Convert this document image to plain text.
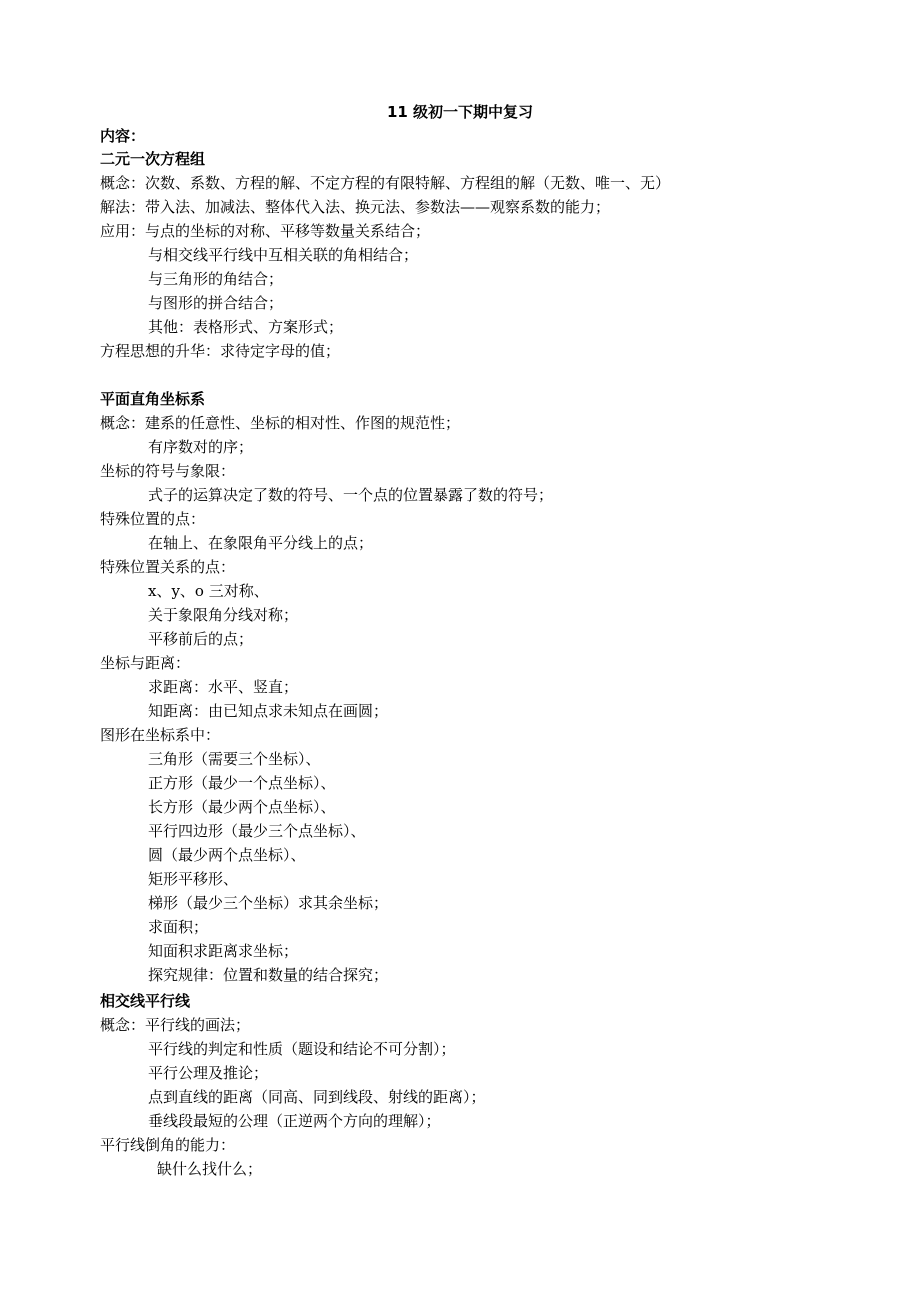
11 级初一下期中复习
内容：
二元一次方程组
概念：次数、系数、方程的解、不定方程的有限特解、方程组的解（无数、唯一、无）
解法：带入法、加减法、整体代入法、换元法、参数法——观察系数的能力；
应用：与点的坐标的对称、平移等数量关系结合；
与相交线平行线中互相关联的角相结合；
与三角形的角结合；
与图形的拼合结合；
其他：表格形式、方案形式；
方程思想的升华：求待定字母的值；
平面直角坐标系
概念：建系的任意性、坐标的相对性、作图的规范性；
有序数对的序；
坐标的符号与象限：
式子的运算决定了数的符号、一个点的位置暴露了数的符号；
特殊位置的点：
在轴上、在象限角平分线上的点；
特殊位置关系的点：
x、y、o 三对称、
关于象限角分线对称；
平移前后的点；
坐标与距离：
求距离：水平、竖直；
知距离：由已知点求未知点在画圆；
图形在坐标系中：
三角形（需要三个坐标）、
正方形（最少一个点坐标）、
长方形（最少两个点坐标）、
平行四边形（最少三个点坐标）、
圆（最少两个点坐标）、
矩形平移形、
梯形（最少三个坐标）求其余坐标；
求面积；
知面积求距离求坐标；
探究规律：位置和数量的结合探究；
相交线平行线
概念：平行线的画法；
平行线的判定和性质（题设和结论不可分割）；
平行公理及推论；
点到直线的距离（同高、同到线段、射线的距离）；
垂线段最短的公理（正逆两个方向的理解）；
平行线倒角的能力：
缺什么找什么；
